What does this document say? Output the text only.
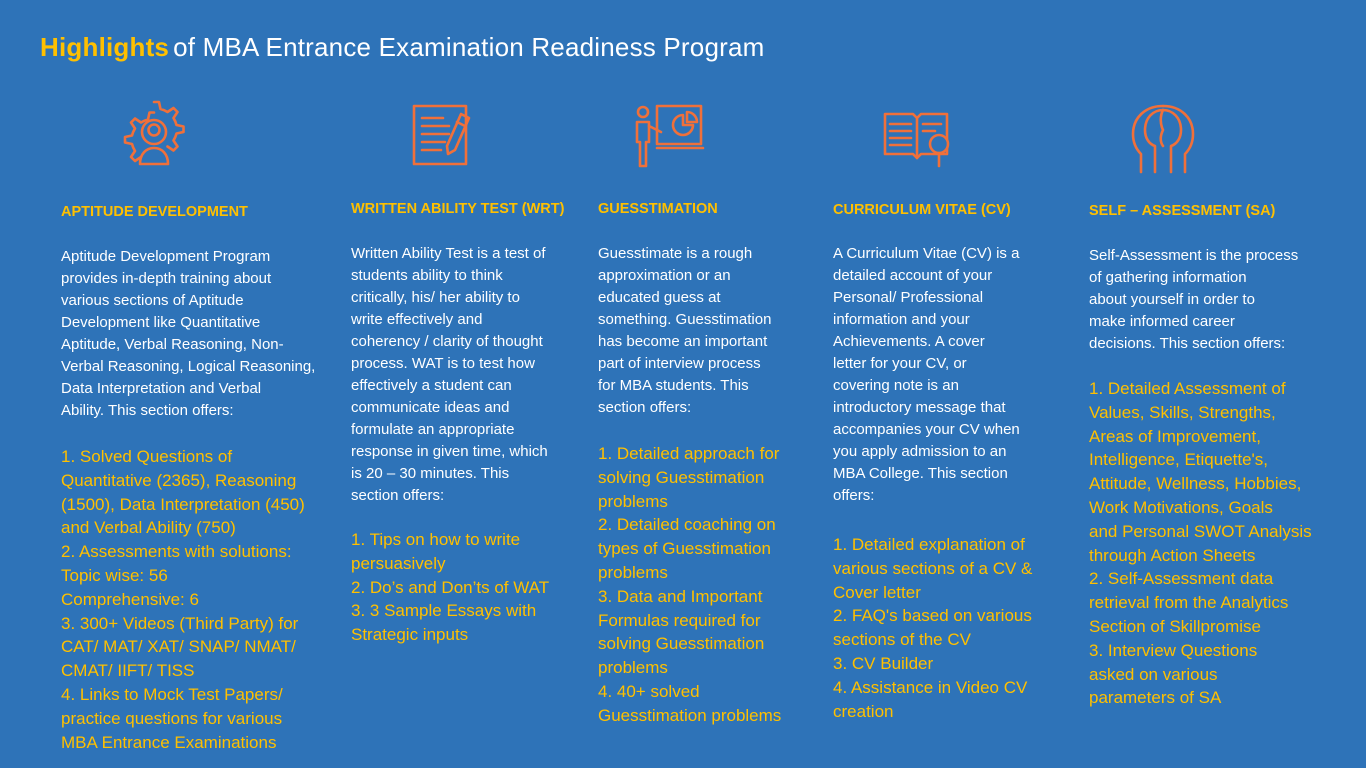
Highlights of MBA Entrance Examination Readiness Program
APTITUDE DEVELOPMENT
Aptitude Development Program
provides in-depth training about
various sections of Aptitude
Development like Quantitative
Aptitude, Verbal Reasoning, Non-
Verbal Reasoning, Logical Reasoning,
Data Interpretation and Verbal
Ability. This section offers:
1. Solved Questions of
Quantitative (2365), Reasoning
(1500), Data Interpretation (450)
and Verbal Ability (750)
2. Assessments with solutions:
Topic wise: 56
Comprehensive: 6
3. 300+ Videos (Third Party) for
CAT/ MAT/ XAT/ SNAP/ NMAT/
CMAT/ IIFT/ TISS
4. Links to Mock Test Papers/
practice questions for various
MBA Entrance Examinations
WRITTEN ABILITY TEST (WRT)
Written Ability Test is a test of
students ability to think
critically, his/ her ability to
write effectively and
coherency / clarity of thought
process. WAT is to test how
effectively a student can
communicate ideas and
formulate an appropriate
response in given time, which
is 20 – 30 minutes. This
section offers:
1. Tips on how to write
persuasively
2. Do’s and Don’ts of WAT
3. 3 Sample Essays with
Strategic inputs
GUESSTIMATION
Guesstimate is a rough
approximation or an
educated guess at
something. Guesstimation
has become an important
part of interview process
for MBA students. This
section offers:
1. Detailed approach for
solving Guesstimation
problems
2. Detailed coaching on
types of Guesstimation
problems
3. Data and Important
Formulas required for
solving Guesstimation
problems
4. 40+ solved
Guesstimation problems
CURRICULUM VITAE (CV)
A Curriculum Vitae (CV) is a
detailed account of your
Personal/ Professional
information and your
Achievements. A cover
letter for your CV, or
covering note is an
introductory message that
accompanies your CV when
you apply admission to an
MBA College. This section
offers:
1. Detailed explanation of
various sections of a CV &
Cover letter
2. FAQ's based on various
sections of the CV
3. CV Builder
4. Assistance in Video CV
creation
SELF – ASSESSMENT (SA)
Self-Assessment is the process
of gathering information
about yourself in order to
make informed career
decisions. This section offers:
1. Detailed Assessment of
Values, Skills, Strengths,
Areas of Improvement,
Intelligence, Etiquette's,
Attitude, Wellness, Hobbies,
Work Motivations, Goals
and Personal SWOT Analysis
through Action Sheets
2. Self-Assessment data
retrieval from the Analytics
Section of Skillpromise
3. Interview Questions
asked on various
parameters of SA
